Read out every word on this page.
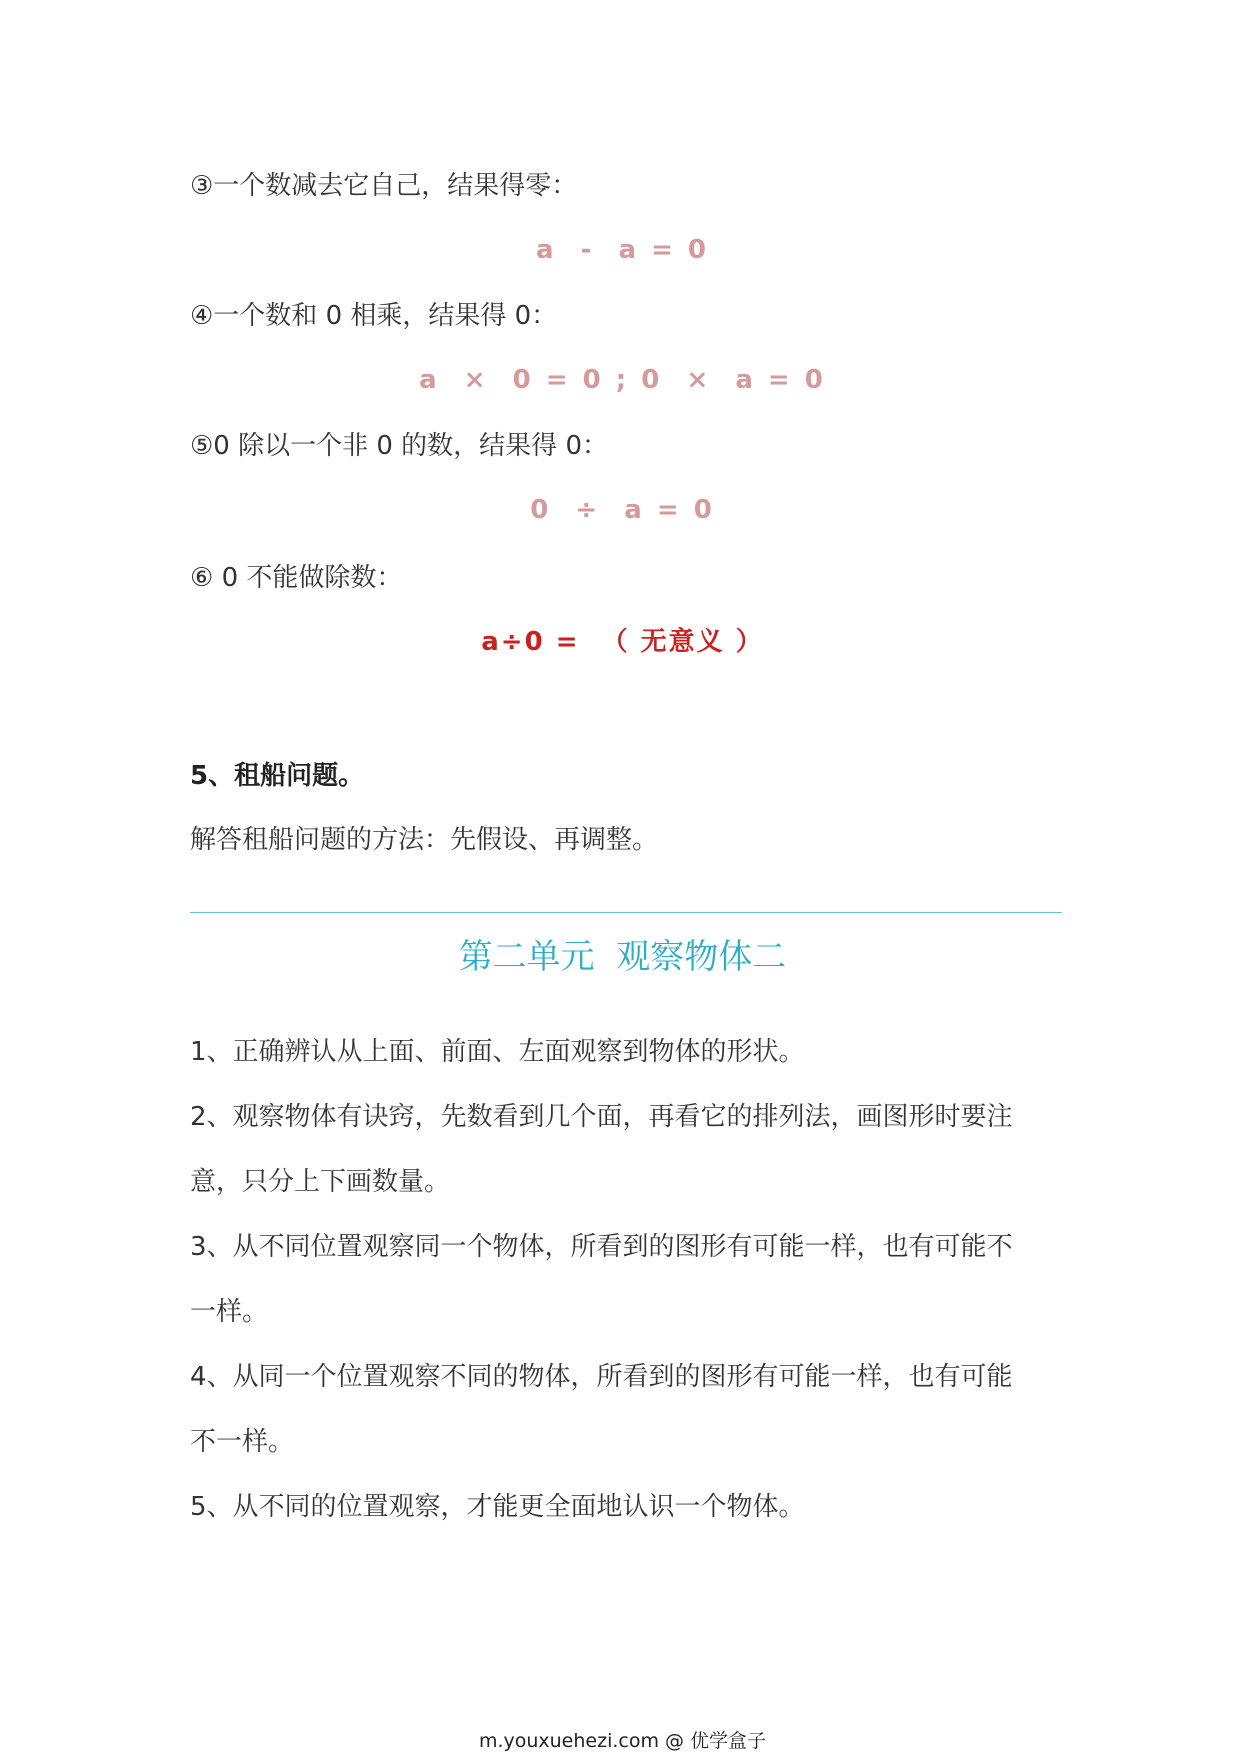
③一个数减去它自己，结果得零：
a  -  a = 0
④一个数和 0 相乘，结果得 0：
a  ×  0 = 0 ; 0  ×  a = 0
⑤0 除以一个非 0 的数，结果得 0：
0  ÷  a = 0
⑥ 0 不能做除数：
a÷0 =  （ 无意义 ）
5、租船问题。
解答租船问题的方法：先假设、再调整。
第二单元  观察物体二
1、正确辨认从上面、前面、左面观察到物体的形状。
2、观察物体有诀窍，先数看到几个面，再看它的排列法，画图形时要注
意，只分上下画数量。
3、从不同位置观察同一个物体，所看到的图形有可能一样，也有可能不
一样。
4、从同一个位置观察不同的物体，所看到的图形有可能一样，也有可能
不一样。
5、从不同的位置观察，才能更全面地认识一个物体。
m.youxuehezi.com @ 优学盒子
